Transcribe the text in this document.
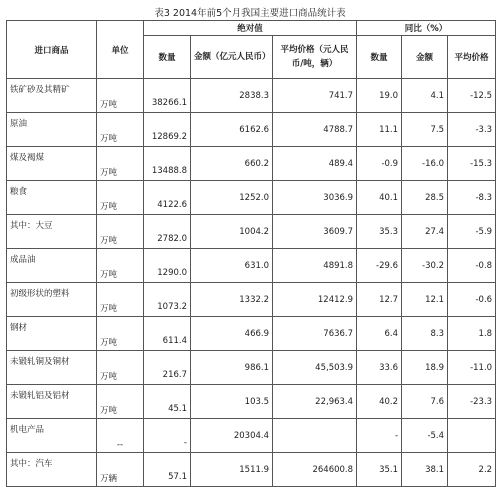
表3 2014年前5个月我国主要进口商品统计表
进口商品	单位	绝对值			同比（%）		
		数量	金额（亿元人民币）	平均价格（元人民币/吨，辆）	数量	金额	平均价格
铁矿砂及其精矿	万吨	38266.1	2838.3	741.7	19.0	4.1	-12.5
原油	万吨	12869.2	6162.6	4788.7	11.1	7.5	-3.3
煤及褐煤	万吨	13488.8	660.2	489.4	-0.9	-16.0	-15.3
粮食	万吨	4122.6	1252.0	3036.9	40.1	28.5	-8.3
其中：大豆	万吨	2782.0	1004.2	3609.7	35.3	27.4	-5.9
成品油	万吨	1290.0	631.0	4891.8	-29.6	-30.2	-0.8
初级形状的塑料	万吨	1073.2	1332.2	12412.9	12.7	12.1	-0.6
钢材	万吨	611.4	466.9	7636.7	6.4	8.3	1.8
未锻轧铜及铜材	万吨	216.7	986.1	45,503.9	33.6	18.9	-11.0
未锻轧铝及铝材	万吨	45.1	103.5	22,963.4	40.2	7.6	-23.3
机电产品	--	-	20304.4		-	-5.4	
其中：汽车	万辆	57.1	1511.9	264600.8	35.1	38.1	2.2
